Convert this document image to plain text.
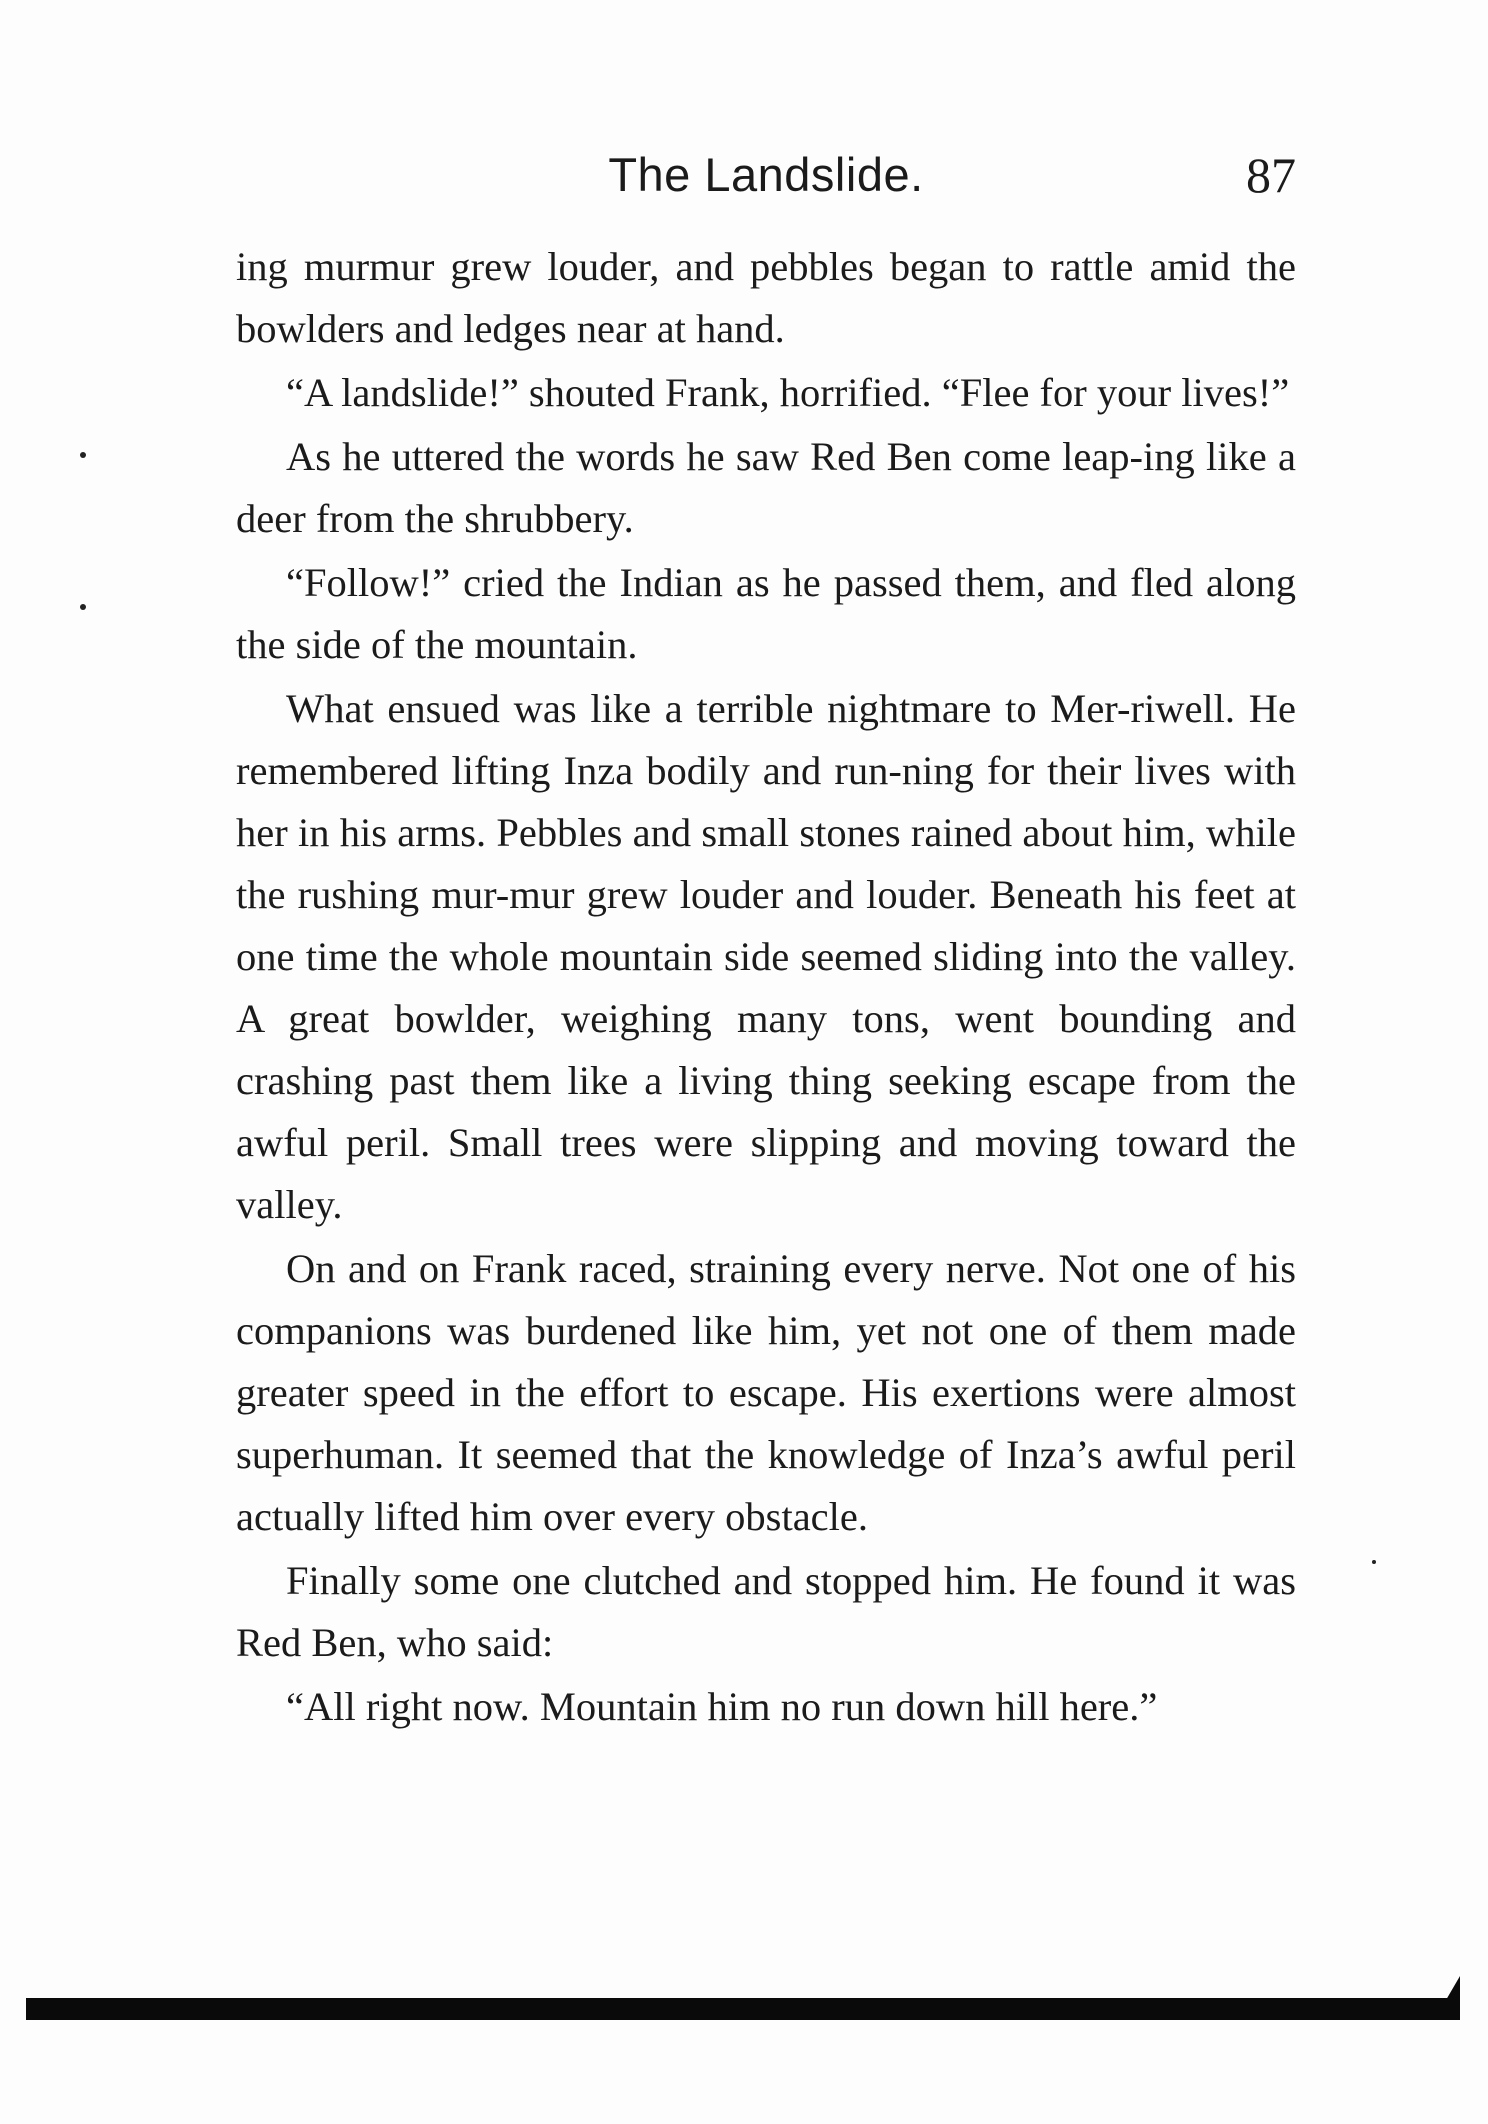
The Landslide.	87

ing murmur grew louder, and pebbles began to rattle amid the bowlders and ledges near at hand.

“A landslide!” shouted Frank, horrified. “Flee for your lives!”

As he uttered the words he saw Red Ben come leap-ing like a deer from the shrubbery.

“Follow!” cried the Indian as he passed them, and fled along the side of the mountain.

What ensued was like a terrible nightmare to Mer-riwell. He remembered lifting Inza bodily and run-ning for their lives with her in his arms. Pebbles and small stones rained about him, while the rushing mur-mur grew louder and louder. Beneath his feet at one time the whole mountain side seemed sliding into the valley. A great bowlder, weighing many tons, went bounding and crashing past them like a living thing seeking escape from the awful peril. Small trees were slipping and moving toward the valley.

On and on Frank raced, straining every nerve. Not one of his companions was burdened like him, yet not one of them made greater speed in the effort to escape. His exertions were almost superhuman. It seemed that the knowledge of Inza’s awful peril actually lifted him over every obstacle.

Finally some one clutched and stopped him. He found it was Red Ben, who said:

“All right now. Mountain him no run down hill here.”
